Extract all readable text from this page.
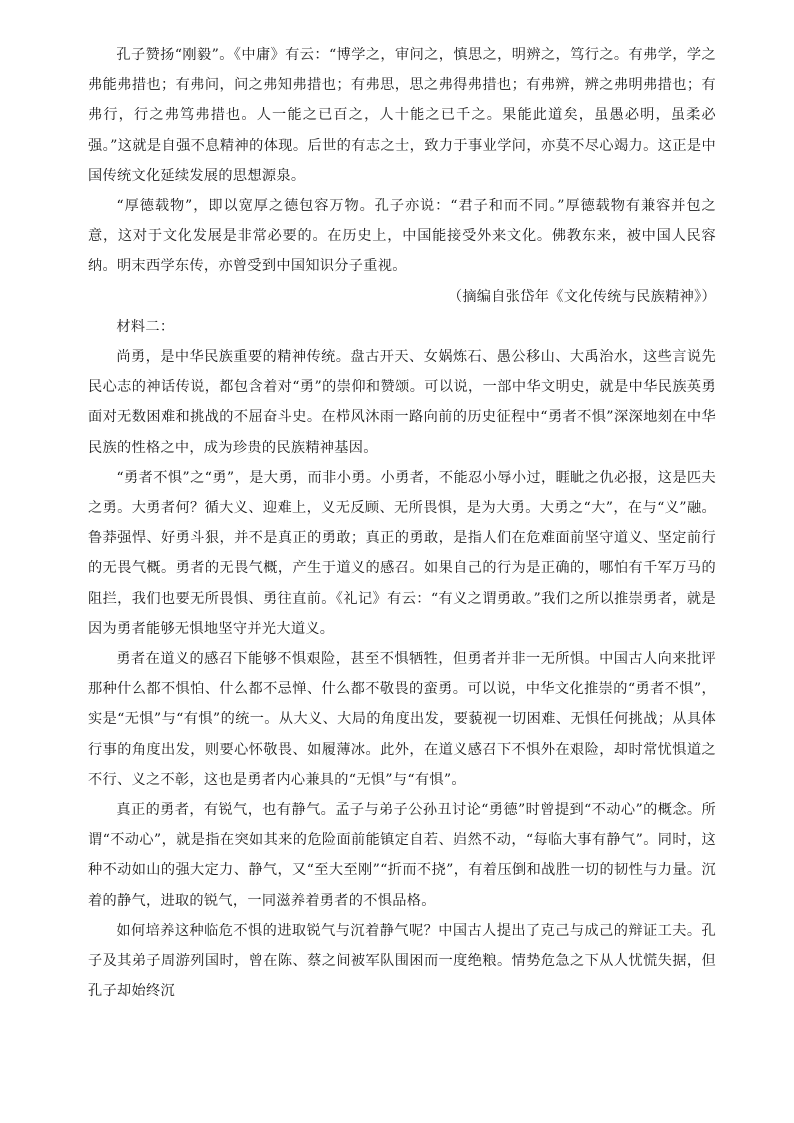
孔子赞扬“刚毅”。《中庸》有云：“博学之，审问之，慎思之，明辨之，笃行之。有弗学，学之弗能弗措也；有弗问，问之弗知弗措也；有弗思，思之弗得弗措也；有弗辨，辨之弗明弗措也；有弗行，行之弗笃弗措也。人一能之已百之，人十能之已千之。果能此道矣，虽愚必明，虽柔必强。”这就是自强不息精神的体现。后世的有志之士，致力于事业学问，亦莫不尽心竭力。这正是中国传统文化延续发展的思想源泉。

“厚德载物”，即以宽厚之德包容万物。孔子亦说：“君子和而不同。”厚德载物有兼容并包之意，这对于文化发展是非常必要的。在历史上，中国能接受外来文化。佛教东来，被中国人民容纳。明末西学东传，亦曾受到中国知识分子重视。

（摘编自张岱年《文化传统与民族精神》）

材料二：

尚勇，是中华民族重要的精神传统。盘古开天、女娲炼石、愚公移山、大禹治水，这些言说先民心志的神话传说，都包含着对“勇”的崇仰和赞颂。可以说，一部中华文明史，就是中华民族英勇面对无数困难和挑战的不屈奋斗史。在栉风沐雨一路向前的历史征程中“勇者不惧”深深地刻在中华民族的性格之中，成为珍贵的民族精神基因。

“勇者不惧”之“勇”，是大勇，而非小勇。小勇者，不能忍小辱小过，睚眦之仇必报，这是匹夫之勇。大勇者何？循大义、迎难上，义无反顾、无所畏惧，是为大勇。大勇之“大”，在与“义”融。鲁莽强悍、好勇斗狠，并不是真正的勇敢；真正的勇敢，是指人们在危难面前坚守道义、坚定前行的无畏气概。勇者的无畏气概，产生于道义的感召。如果自己的行为是正确的，哪怕有千军万马的阻拦，我们也要无所畏惧、勇往直前。《礼记》有云：“有义之谓勇敢。”我们之所以推崇勇者，就是因为勇者能够无惧地坚守并光大道义。

勇者在道义的感召下能够不惧艰险，甚至不惧牺牲，但勇者并非一无所惧。中国古人向来批评那种什么都不惧怕、什么都不忌惮、什么都不敬畏的蛮勇。可以说，中华文化推崇的“勇者不惧”，实是“无惧”与“有惧”的统一。从大义、大局的角度出发，要藐视一切困难、无惧任何挑战；从具体行事的角度出发，则要心怀敬畏、如履薄冰。此外，在道义感召下不惧外在艰险，却时常忧惧道之不行、义之不彰，这也是勇者内心兼具的“无惧”与“有惧”。

真正的勇者，有锐气，也有静气。孟子与弟子公孙丑讨论“勇德”时曾提到“不动心”的概念。所谓“不动心”，就是指在突如其来的危险面前能镇定自若、岿然不动，“每临大事有静气”。同时，这种不动如山的强大定力、静气，又“至大至刚”“折而不挠”，有着压倒和战胜一切的韧性与力量。沉着的静气，进取的锐气，一同滋养着勇者的不惧品格。

如何培养这种临危不惧的进取锐气与沉着静气呢？中国古人提出了克己与成己的辩证工夫。孔子及其弟子周游列国时，曾在陈、蔡之间被军队围困而一度绝粮。情势危急之下从人忧慌失据，但孔子却始终沉
